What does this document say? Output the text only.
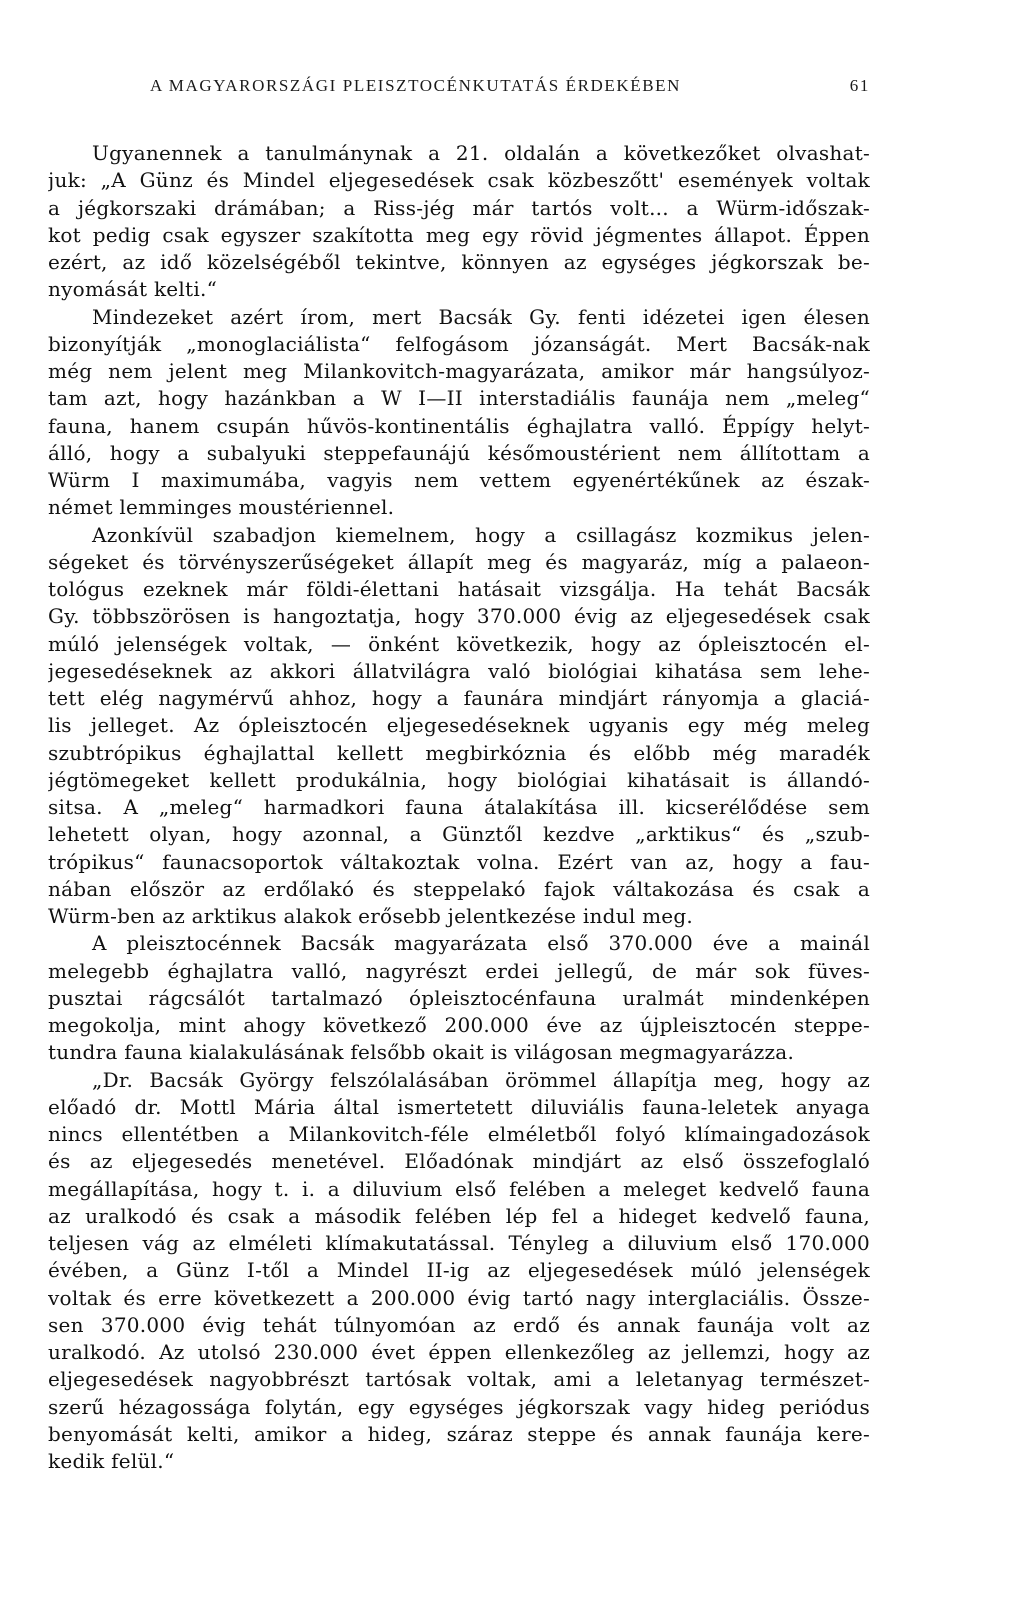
A MAGYARORSZÁGI PLEISZTOCÉNKUTATÁS ÉRDEKÉBEN	61
Ugyanennek a tanulmánynak a 21. oldalán a következőket olvashat-
juk: „A Günz és Mindel eljegesedések csak közbeszőtt' események voltak
a jégkorszaki drámában; a Riss-jég már tartós volt... a Würm-időszak-
kot pedig csak egyszer szakította meg egy rövid jégmentes állapot. Éppen
ezért, az idő közelségéből tekintve, könnyen az egységes jégkorszak be-
nyomását kelti.“
Mindezeket azért írom, mert Bacsák Gy. fenti idézetei igen élesen
bizonyítják „monoglaciálista“ felfogásom józanságát. Mert Bacsák-nak
még nem jelent meg Milankovitch-magyarázata, amikor már hangsúlyoz-
tam azt, hogy hazánkban a W I—II interstadiális faunája nem „meleg“
fauna, hanem csupán hűvös-kontinentális éghajlatra valló. Éppígy helyt-
álló, hogy a subalyuki steppefaunájú későmoustérient nem állítottam a
Würm I maximumába, vagyis nem vettem egyenértékűnek az észak-
német lemminges moustériennel.
Azonkívül szabadjon kiemelnem, hogy a csillagász kozmikus jelen-
ségeket és törvényszerűségeket állapít meg és magyaráz, míg a palaeon-
tológus ezeknek már földi-élettani hatásait vizsgálja. Ha tehát Bacsák
Gy. többszörösen is hangoztatja, hogy 370.000 évig az eljegesedések csak
múló jelenségek voltak, — önként következik, hogy az ópleisztocén el-
jegesedéseknek az akkori állatvilágra való biológiai kihatása sem lehe-
tett elég nagymérvű ahhoz, hogy a faunára mindjárt rányomja a glaciá-
lis jelleget. Az ópleisztocén eljegesedéseknek ugyanis egy még meleg
szubtrópikus éghajlattal kellett megbirkóznia és előbb még maradék
jégtömegeket kellett produkálnia, hogy biológiai kihatásait is állandó-
sitsa. A „meleg“ harmadkori fauna átalakítása ill. kicserélődése sem
lehetett olyan, hogy azonnal, a Günztől kezdve „arktikus“ és „szub-
trópikus“ faunacsoportok váltakoztak volna. Ezért van az, hogy a fau-
nában először az erdőlakó és steppelakó fajok váltakozása és csak a
Würm-ben az arktikus alakok erősebb jelentkezése indul meg.
A pleisztocénnek Bacsák magyarázata első 370.000 éve a mainál
melegebb éghajlatra valló, nagyrészt erdei jellegű, de már sok füves-
pusztai rágcsálót tartalmazó ópleisztocénfauna uralmát mindenképen
megokolja, mint ahogy következő 200.000 éve az újpleisztocén steppe-
tundra fauna kialakulásának felsőbb okait is világosan megmagyarázza.
„Dr. Bacsák György felszólalásában örömmel állapítja meg, hogy az
előadó dr. Mottl Mária által ismertetett diluviális fauna-leletek anyaga
nincs ellentétben a Milankovitch-féle elméletből folyó klímaingadozások
és az eljegesedés menetével. Előadónak mindjárt az első összefoglaló
megállapítása, hogy t. i. a diluvium első felében a meleget kedvelő fauna
az uralkodó és csak a második felében lép fel a hideget kedvelő fauna,
teljesen vág az elméleti klímakutatással. Tényleg a diluvium első 170.000
évében, a Günz I-től a Mindel II-ig az eljegesedések múló jelenségek
voltak és erre következett a 200.000 évig tartó nagy interglaciális. Össze-
sen 370.000 évig tehát túlnyomóan az erdő és annak faunája volt az
uralkodó. Az utolsó 230.000 évet éppen ellenkezőleg az jellemzi, hogy az
eljegesedések nagyobbrészt tartósak voltak, ami a leletanyag természet-
szerű hézagossága folytán, egy egységes jégkorszak vagy hideg periódus
benyomását kelti, amikor a hideg, száraz steppe és annak faunája kere-
kedik felül.“
